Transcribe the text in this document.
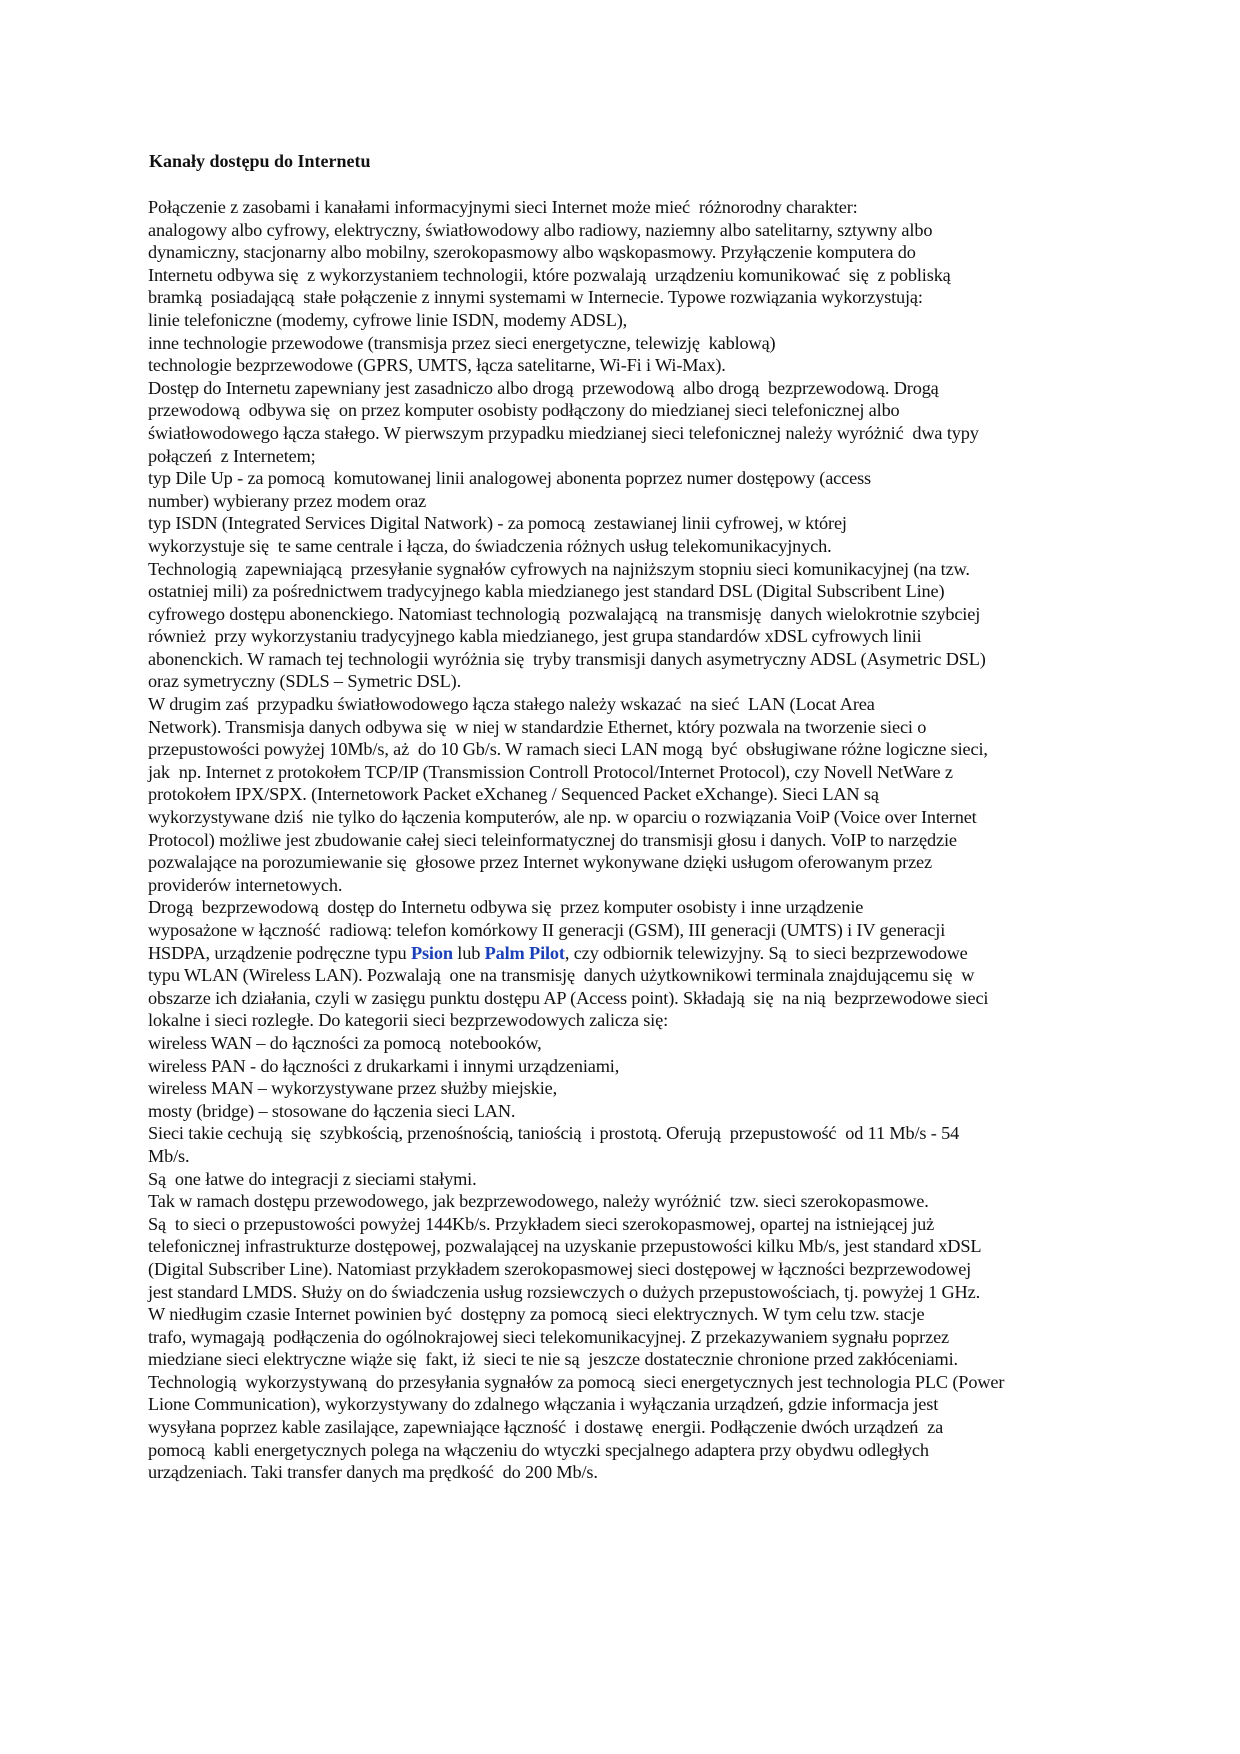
Kanały dostępu do Internetu
Połączenie z zasobami i kanałami informacyjnymi sieci Internet może mieć  różnorodny charakter:
analogowy albo cyfrowy, elektryczny, światłowodowy albo radiowy, naziemny albo satelitarny, sztywny albo
dynamiczny, stacjonarny albo mobilny, szerokopasmowy albo wąskopasmowy. Przyłączenie komputera do
Internetu odbywa się  z wykorzystaniem technologii, które pozwalają  urządzeniu komunikować  się  z pobliską
bramką  posiadającą  stałe połączenie z innymi systemami w Internecie. Typowe rozwiązania wykorzystują:
linie telefoniczne (modemy, cyfrowe linie ISDN, modemy ADSL),
inne technologie przewodowe (transmisja przez sieci energetyczne, telewizję  kablową)
technologie bezprzewodowe (GPRS, UMTS, łącza satelitarne, Wi-Fi i Wi-Max).
Dostęp do Internetu zapewniany jest zasadniczo albo drogą  przewodową  albo drogą  bezprzewodową. Drogą
przewodową  odbywa się  on przez komputer osobisty podłączony do miedzianej sieci telefonicznej albo
światłowodowego łącza stałego. W pierwszym przypadku miedzianej sieci telefonicznej należy wyróżnić  dwa typy
połączeń  z Internetem;
typ Dile Up - za pomocą  komutowanej linii analogowej abonenta poprzez numer dostępowy (access
number) wybierany przez modem oraz
typ ISDN (Integrated Services Digital Natwork) - za pomocą  zestawianej linii cyfrowej, w której
wykorzystuje się  te same centrale i łącza, do świadczenia różnych usług telekomunikacyjnych.
Technologią  zapewniającą  przesyłanie sygnałów cyfrowych na najniższym stopniu sieci komunikacyjnej (na tzw.
ostatniej mili) za pośrednictwem tradycyjnego kabla miedzianego jest standard DSL (Digital Subscribent Line)
cyfrowego dostępu abonenckiego. Natomiast technologią  pozwalającą  na transmisję  danych wielokrotnie szybciej
również  przy wykorzystaniu tradycyjnego kabla miedzianego, jest grupa standardów xDSL cyfrowych linii
abonenckich. W ramach tej technologii wyróżnia się  tryby transmisji danych asymetryczny ADSL (Asymetric DSL)
oraz symetryczny (SDLS – Symetric DSL).
W drugim zaś  przypadku światłowodowego łącza stałego należy wskazać  na sieć  LAN (Locat Area
Network). Transmisja danych odbywa się  w niej w standardzie Ethernet, który pozwala na tworzenie sieci o
przepustowości powyżej 10Mb/s, aż  do 10 Gb/s. W ramach sieci LAN mogą  być  obsługiwane różne logiczne sieci,
jak  np. Internet z protokołem TCP/IP (Transmission Controll Protocol/Internet Protocol), czy Novell NetWare z
protokołem IPX/SPX. (Internetowork Packet eXchaneg / Sequenced Packet eXchange). Sieci LAN są
wykorzystywane dziś  nie tylko do łączenia komputerów, ale np. w oparciu o rozwiązania VoiP (Voice over Internet
Protocol) możliwe jest zbudowanie całej sieci teleinformatycznej do transmisji głosu i danych. VoIP to narzędzie
pozwalające na porozumiewanie się  głosowe przez Internet wykonywane dzięki usługom oferowanym przez
providerów internetowych.
Drogą  bezprzewodową  dostęp do Internetu odbywa się  przez komputer osobisty i inne urządzenie
wyposażone w łączność  radiową: telefon komórkowy II generacji (GSM), III generacji (UMTS) i IV generacji
HSDPA, urządzenie podręczne typu Psion lub Palm Pilot, czy odbiornik telewizyjny. Są  to sieci bezprzewodowe
typu WLAN (Wireless LAN). Pozwalają  one na transmisję  danych użytkownikowi terminala znajdującemu się  w
obszarze ich działania, czyli w zasięgu punktu dostępu AP (Access point). Składają  się  na nią  bezprzewodowe sieci
lokalne i sieci rozległe. Do kategorii sieci bezprzewodowych zalicza się:
wireless WAN – do łączności za pomocą  notebooków,
wireless PAN - do łączności z drukarkami i innymi urządzeniami,
wireless MAN – wykorzystywane przez służby miejskie,
mosty (bridge) – stosowane do łączenia sieci LAN.
Sieci takie cechują  się  szybkością, przenośnością, taniością  i prostotą. Oferują  przepustowość  od 11 Mb/s - 54
Mb/s.
Są  one łatwe do integracji z sieciami stałymi.
Tak w ramach dostępu przewodowego, jak bezprzewodowego, należy wyróżnić  tzw. sieci szerokopasmowe.
Są  to sieci o przepustowości powyżej 144Kb/s. Przykładem sieci szerokopasmowej, opartej na istniejącej już
telefonicznej infrastrukturze dostępowej, pozwalającej na uzyskanie przepustowości kilku Mb/s, jest standard xDSL
(Digital Subscriber Line). Natomiast przykładem szerokopasmowej sieci dostępowej w łączności bezprzewodowej
jest standard LMDS. Służy on do świadczenia usług rozsiewczych o dużych przepustowościach, tj. powyżej 1 GHz.
W niedługim czasie Internet powinien być  dostępny za pomocą  sieci elektrycznych. W tym celu tzw. stacje
trafo, wymagają  podłączenia do ogólnokrajowej sieci telekomunikacyjnej. Z przekazywaniem sygnału poprzez
miedziane sieci elektryczne wiąże się  fakt, iż  sieci te nie są  jeszcze dostatecznie chronione przed zakłóceniami.
Technologią  wykorzystywaną  do przesyłania sygnałów za pomocą  sieci energetycznych jest technologia PLC (Power
Lione Communication), wykorzystywany do zdalnego włączania i wyłączania urządzeń, gdzie informacja jest
wysyłana poprzez kable zasilające, zapewniające łączność  i dostawę  energii. Podłączenie dwóch urządzeń  za
pomocą  kabli energetycznych polega na włączeniu do wtyczki specjalnego adaptera przy obydwu odległych
urządzeniach. Taki transfer danych ma prędkość  do 200 Mb/s.
